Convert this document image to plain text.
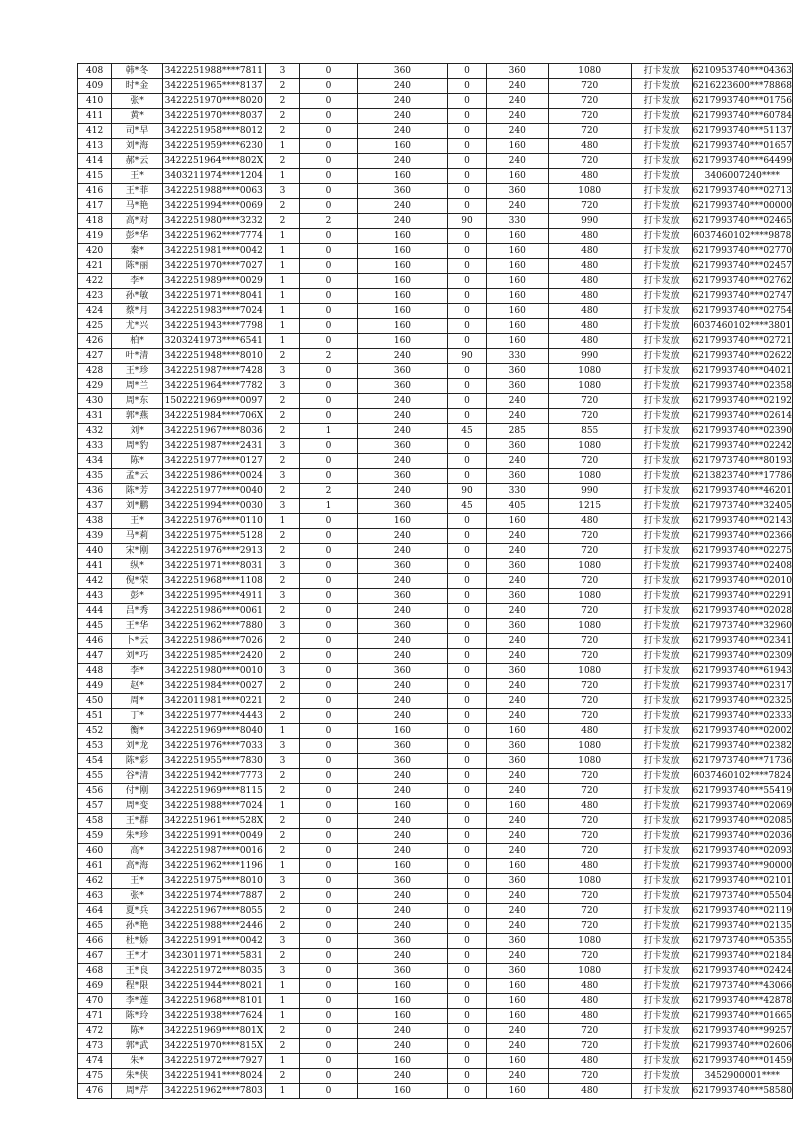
408	韩*冬	3422251988****7811	3	0	360	0	360	1080	打卡发放	6210953740***04363
409	时*金	3422251965****8137	2	0	240	0	240	720	打卡发放	6216223600***78868
410	张*	3422251970****8020	2	0	240	0	240	720	打卡发放	6217993740***01756
411	黄*	3422251970****8037	2	0	240	0	240	720	打卡发放	6217993740***60784
412	司*早	3422251958****8012	2	0	240	0	240	720	打卡发放	6217993740***51137
413	刘*海	3422251959****6230	1	0	160	0	160	480	打卡发放	6217993740***01657
414	郝*云	3422251964****802X	2	0	240	0	240	720	打卡发放	6217993740***64499
415	王*	3403211974****1204	1	0	160	0	160	480	打卡发放	3406007240****
416	王*菲	3422251988****0063	3	0	360	0	360	1080	打卡发放	6217993740***02713
417	马*艳	3422251994****0069	2	0	240	0	240	720	打卡发放	6217993740***00000
418	高*对	3422251980****3232	2	2	240	90	330	990	打卡发放	6217993740***02465
419	彭*华	3422251962****7774	1	0	160	0	160	480	打卡发放	6037460102****9878
420	秦*	3422251981****0042	1	0	160	0	160	480	打卡发放	6217993740***02770
421	陈*丽	3422251970****7027	1	0	160	0	160	480	打卡发放	6217993740***02457
422	李*	3422251989****0029	1	0	160	0	160	480	打卡发放	6217993740***02762
423	孙*敏	3422251971****8041	1	0	160	0	160	480	打卡发放	6217993740***02747
424	蔡*月	3422251983****7024	1	0	160	0	160	480	打卡发放	6217993740***02754
425	尤*兴	3422251943****7798	1	0	160	0	160	480	打卡发放	6037460102****3801
426	柏*	3203241973****6541	1	0	160	0	160	480	打卡发放	6217993740***02721
427	叶*清	3422251948****8010	2	2	240	90	330	990	打卡发放	6217993740***02622
428	王*珍	3422251987****7428	3	0	360	0	360	1080	打卡发放	6217993740***04021
429	周*兰	3422251964****7782	3	0	360	0	360	1080	打卡发放	6217993740***02358
430	周*东	1502221969****0097	2	0	240	0	240	720	打卡发放	6217993740***02192
431	郭*燕	3422251984****706X	2	0	240	0	240	720	打卡发放	6217993740***02614
432	刘*	3422251967****8036	2	1	240	45	285	855	打卡发放	6217993740***02390
433	周*豹	3422251987****2431	3	0	360	0	360	1080	打卡发放	6217993740***02242
434	陈*	3422251977****0127	2	0	240	0	240	720	打卡发放	6217973740***80193
435	孟*云	3422251986****0024	3	0	360	0	360	1080	打卡发放	6213823740***17786
436	陈*芳	3422251977****0040	2	2	240	90	330	990	打卡发放	6217993740***46201
437	刘*鹏	3422251994****0030	3	1	360	45	405	1215	打卡发放	6217973740***32405
438	王*	3422251976****0110	1	0	160	0	160	480	打卡发放	6217993740***02143
439	马*莉	3422251975****5128	2	0	240	0	240	720	打卡发放	6217993740***02366
440	宋*刚	3422251976****2913	2	0	240	0	240	720	打卡发放	6217993740***02275
441	纵*	3422251971****8031	3	0	360	0	360	1080	打卡发放	6217993740***02408
442	倪*荣	3422251968****1108	2	0	240	0	240	720	打卡发放	6217993740***02010
443	彭*	3422251995****4911	3	0	360	0	360	1080	打卡发放	6217993740***02291
444	吕*秀	3422251986****0061	2	0	240	0	240	720	打卡发放	6217993740***02028
445	王*华	3422251962****7880	3	0	360	0	360	1080	打卡发放	6217973740***32960
446	卜*云	3422251986****7026	2	0	240	0	240	720	打卡发放	6217993740***02341
447	刘*巧	3422251985****2420	2	0	240	0	240	720	打卡发放	6217993740***02309
448	李*	3422251980****0010	3	0	360	0	360	1080	打卡发放	6217993740***61943
449	赵*	3422251984****0027	2	0	240	0	240	720	打卡发放	6217993740***02317
450	周*	3422011981****0221	2	0	240	0	240	720	打卡发放	6217993740***02325
451	丁*	3422251977****4443	2	0	240	0	240	720	打卡发放	6217993740***02333
452	衡*	3422251969****8040	1	0	160	0	160	480	打卡发放	6217993740***02002
453	刘*龙	3422251976****7033	3	0	360	0	360	1080	打卡发放	6217993740***02382
454	陈*彩	3422251955****7830	3	0	360	0	360	1080	打卡发放	6217973740***71736
455	谷*清	3422251942****7773	2	0	240	0	240	720	打卡发放	6037460102****7824
456	付*刚	3422251969****8115	2	0	240	0	240	720	打卡发放	6217993740***55419
457	周*变	3422251988****7024	1	0	160	0	160	480	打卡发放	6217993740***02069
458	王*群	3422251961****528X	2	0	240	0	240	720	打卡发放	6217993740***02085
459	朱*珍	3422251991****0049	2	0	240	0	240	720	打卡发放	6217993740***02036
460	高*	3422251987****0016	2	0	240	0	240	720	打卡发放	6217993740***02093
461	高*海	3422251962****1196	1	0	160	0	160	480	打卡发放	6217993740***90000
462	王*	3422251975****8010	3	0	360	0	360	1080	打卡发放	6217993740***02101
463	张*	3422251974****7887	2	0	240	0	240	720	打卡发放	6217973740***05504
464	夏*兵	3422251967****8055	2	0	240	0	240	720	打卡发放	6217993740***02119
465	孙*艳	3422251988****2446	2	0	240	0	240	720	打卡发放	6217993740***02135
466	杜*娇	3422251991****0042	3	0	360	0	360	1080	打卡发放	6217973740***05355
467	王*才	3423011971****5831	2	0	240	0	240	720	打卡发放	6217993740***02184
468	王*良	3422251972****8035	3	0	360	0	360	1080	打卡发放	6217993740***02424
469	程*限	3422251944****8021	1	0	160	0	160	480	打卡发放	6217973740***43066
470	李*莲	3422251968****8101	1	0	160	0	160	480	打卡发放	6217993740***42878
471	陈*玲	3422251938****7624	1	0	160	0	160	480	打卡发放	6217993740***01665
472	陈*	3422251969****801X	2	0	240	0	240	720	打卡发放	6217993740***99257
473	郭*武	3422251970****815X	2	0	240	0	240	720	打卡发放	6217993740***02606
474	朱*	3422251972****7927	1	0	160	0	160	480	打卡发放	6217993740***01459
475	朱*侠	3422251941****8024	2	0	240	0	240	720	打卡发放	3452900001****
476	周*芹	3422251962****7803	1	0	160	0	160	480	打卡发放	6217993740***58580
